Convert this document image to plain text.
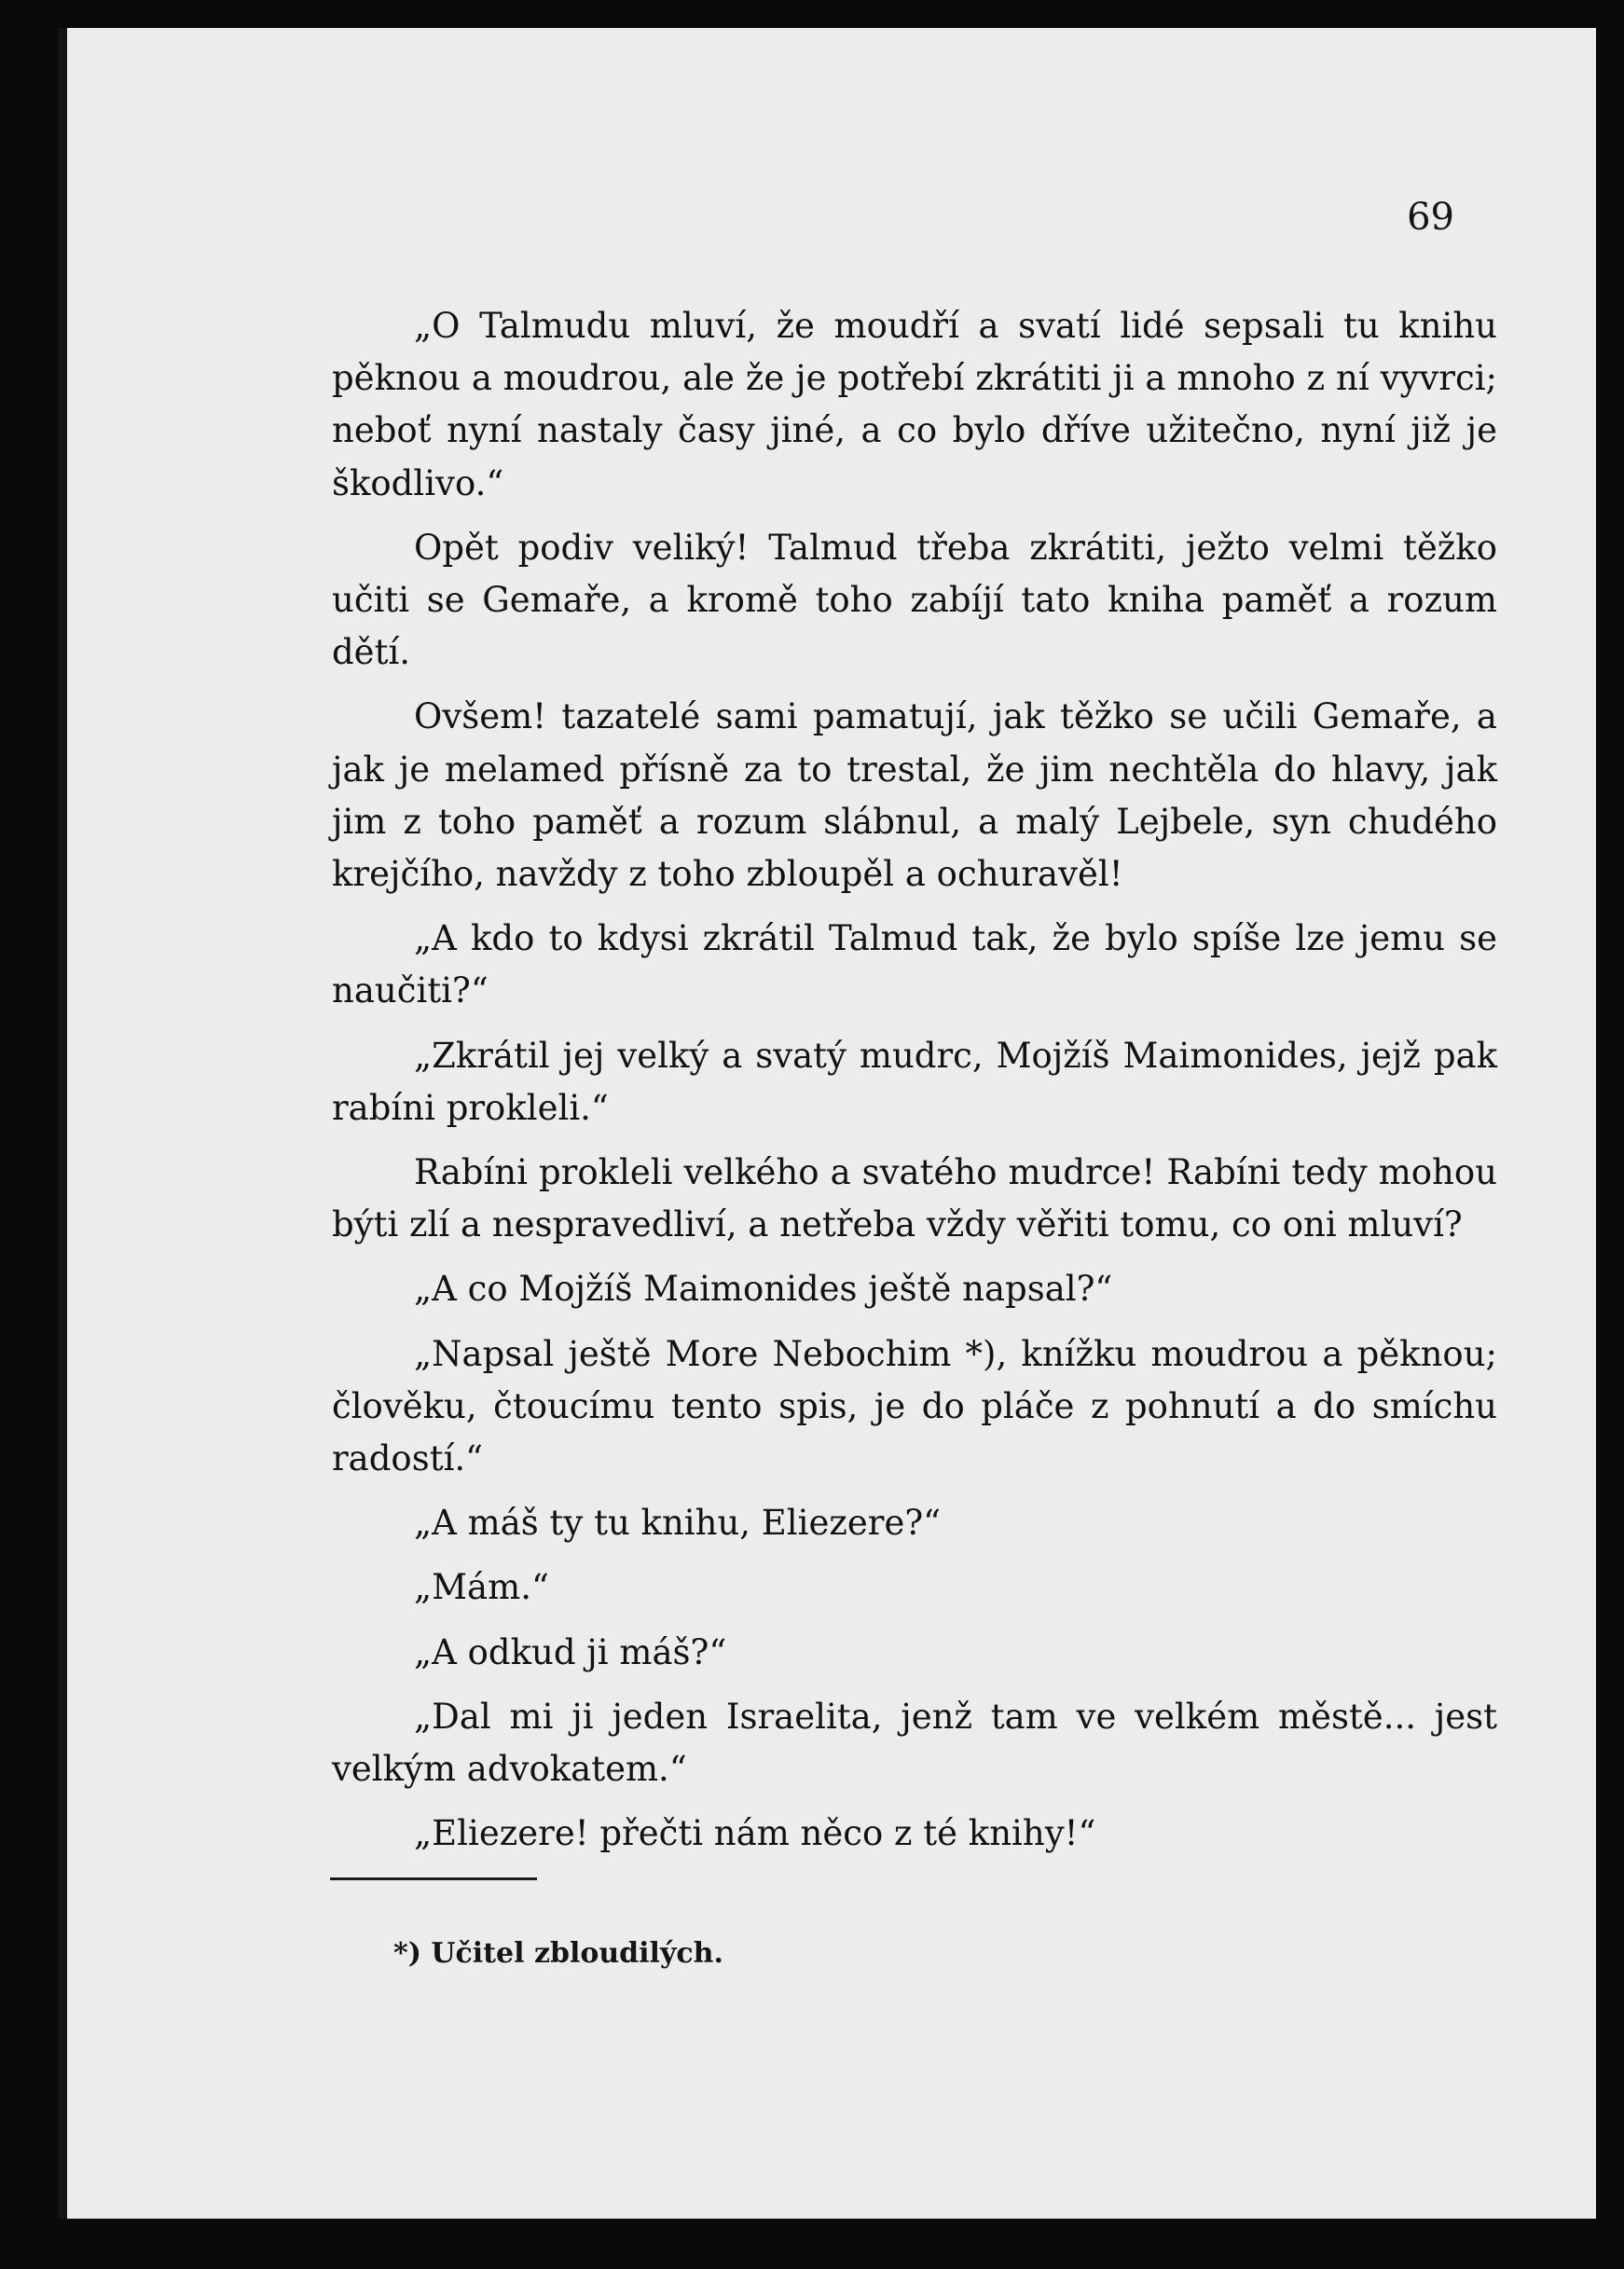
69

„O Talmudu mluví, že moudří a svatí lidé sepsali tu knihu pěknou a moudrou, ale že je potřebí zkrátiti ji a mnoho z ní vyvrci; neboť nyní nastaly časy jiné, a co bylo dříve užitečno, nyní již je škodlivo.“

Opět podiv veliký! Talmud třeba zkrátiti, ježto velmi těžko učiti se Gemaře, a kromě toho zabíjí tato kniha paměť a rozum dětí.

Ovšem! tazatelé sami pamatují, jak těžko se učili Gemaře, a jak je melamed přísně za to trestal, že jim nechtěla do hlavy, jak jim z toho paměť a rozum slábnul, a malý Lejbele, syn chudého krejčího, navždy z toho zblouрěl a ochuravěl!

„A kdo to kdysi zkrátil Talmud tak, že bylo spíše lze jemu se naučiti?“

„Zkrátil jej velký a svatý mudrc, Mojžíš Maimonides, jejž pak rabíni prokleli.“

Rabíni prokleli velkého a svatého mudrce! Rabíni tedy mohou býti zlí a nespravedliví, a netřeba vždy věřiti tomu, co oni mluví?

„A co Mojžíš Maimonides ještě napsal?“

„Napsal ještě More Nebochim *), knížku moudrou a pěknou; člověku, čtoucímu tento spis, je do pláče z pohnutí a do smíchu radostí.“

„A máš ty tu knihu, Eliezere?“

„Mám.“

„A odkud ji máš?“

„Dal mi ji jeden Israelita, jenž tam ve velkém městě... jest velkým advokatem.“

„Eliezere! přečti nám něco z té knihy!“

*) Učitel zbloudilých.
